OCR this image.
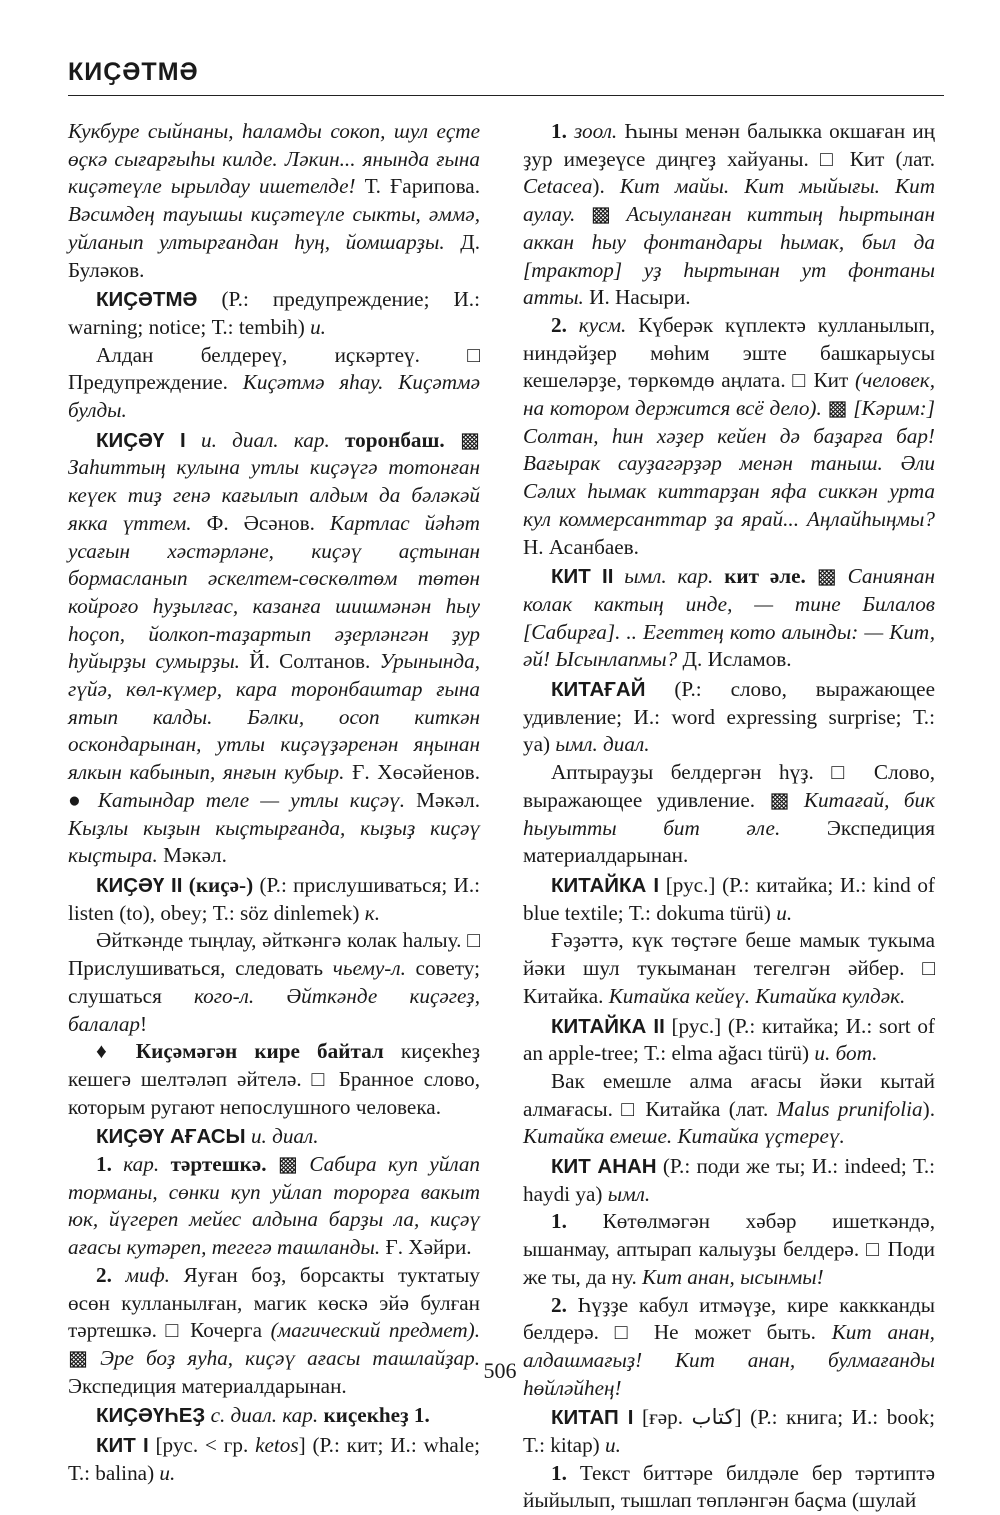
КИҪӘТМӘ

Кукбуре сыйнаны, һаламды сокоп, шул еҫте өҫкә сығарғыһы килде. Ләкин... янында ғына киҫәтеүле ырылдау ишетелде! Т. Ғарипова. Вәсимдең тауышы киҫәтеүле сыкты, әммә, уйланып ултырғандан һуң, йомшарҙы. Д. Буләков.

КИҪӘТМӘ (Р.: предупреждение; И.: warning; notice; Т.: tembih) и.

Алдан белдереү, иҫкәртеү. □ Предупреждение. Киҫәтмә яһау. Киҫәтмә булды.

КИҪӘҮ I и. диал. кар. торонбаш. ▩ Заһиттың кулына утлы киҫәүгә тотонған кеүек тиҙ генә кағылып алдым да бәләкәй якка үттем. Ф. Әсәнов. Картлас йәһәт усағын хәстәрләне, киҫәү аҫтынан бормасланып әскелтем-сөскөлтөм төтөн койроғо һуҙылғас, казанға шишмәнән һыу һоҫоп, йолкоп-таҙартып әҙерләнгән ҙур һуйырҙы сумырҙы. Й. Солтанов. Урынында, гүйә, көл-күмер, кара торонбаштар ғына ятып калды. Бәлки, осоп киткән оскондарынан, утлы киҫәүҙәренән яңынан ялкын кабынып, янғын кубыр. Ғ. Хөсәйенов. ● Катындар теле — утлы киҫәү. Мәкәл. Кыҙлы кыҙын кыҫтырғанда, кыҙыҙ киҫәү кыҫтыра. Мәкәл.

КИҪӘҮ II (киҫә-) (Р.: прислушиваться; И.: listen (to), obey; Т.: söz dinlemek) к.

Әйткәнде тыңлау, әйткәнгә колак һалыу. □ Прислушиваться, следовать чьему-л. совету; слушаться кого-л. Әйткәнде киҫәгеҙ, балалар!

♦ Киҫәмәгән кире байтал киҫекһеҙ кешегә шелтәләп әйтелә. □ Бранное слово, которым ругают непослушного человека.

КИҪӘҮ АҒАСЫ и. диал.

1. кар. тәртешкә. ▩ Сабира куп уйлап торманы, сөнки куп уйлап торорға вакыт юк, йүгереп мейес алдына барҙы ла, киҫәү ағасы кутәреп, тегегә ташланды. Ғ. Хәйри.

2. миф. Яуған боҙ, борсакты туктатыу өсөн кулланылған, магик көскә эйә булған тәртешкә. □ Кочерга (магический предмет). ▩ Эре боҙ яуһа, киҫәү ағасы ташлайҙар. Экспедиция материалдарынан.

КИҪӘҮҺЕҘ с. диал. кар. киҫекһеҙ 1.

КИТ I [рус. < гр. ketos] (Р.: кит; И.: whale; Т.: balina) и.

1. зоол. Һыны менән балыкка окшаған иң ҙур имеҙеүсе диңгеҙ хайуаны. □ Кит (лат. Cetacea). Кит майы. Кит мыйығы. Кит аулау. ▩ Асыуланған киттың һыртынан аккан һыу фонтандары һымак, был да [трактор] уҙ һыртынан ут фонтаны атты. И. Насыри.

2. кусм. Күберәк күплектә кулланылып, ниндәйҙер мөһим эште башкарыусы кешеләрҙе, төркөмдө аңлата. □ Кит (человек, на котором держится всё дело). ▩ [Кәрим:] Солтан, һин хәҙер кейен дә баҙарға бар! Вағырак сауҙагәрҙәр менән таныш. Әли Сәлих һымак киттарҙан яфа сиккән урта кул коммерсанттар ҙа ярай... Аңлайһыңмы? Н. Асанбаев.

КИТ II ымл. кар. кит әле. ▩ Саниянан колак кактың инде, — тине Билалов [Сабирға]. .. Егеттең кото алынды: — Кит, әй! Ысынлапмы? Д. Исламов.

КИТАҒАЙ (Р.: слово, выражающее удивление; И.: word expressing surprise; Т.: ya) ымл. диал.

Аптырауҙы белдергән һүҙ. □ Слово, выражающее удивление. ▩ Китағай, бик һыуытты бит әле. Экспедиция материалдарынан.

КИТАЙКА I [рус.] (Р.: китайка; И.: kind of blue textile; Т.: dokuma türü) и.

Ғәҙәттә, күк төҫтәге беше мамык тукыма йәки шул тукыманан тегелгән әйбер. □ Китайка. Китайка кейеү. Китайка кулдәк.

КИТАЙКА II [рус.] (Р.: китайка; И.: sort of an apple-tree; Т.: elma ağacı türü) и. бот.

Вак емешле алма ағасы йәки кытай алмағасы. □ Китайка (лат. Malus prunifolia). Китайка емеше. Китайка үҫтереү.

КИТ АНАН (Р.: поди же ты; И.: indeed; Т.: haydi ya) ымл.

1. Көтөлмәгән хәбәр ишеткәндә, ышанмау, аптырап калыуҙы белдерә. □ Поди же ты, да ну. Кит анан, ысынмы!

2. Һүҙҙе кабул итмәүҙе, кире каккканды белдерә. □ Не может быть. Кит анан, алдашмағыҙ! Кит анан, булмағанды һөйләйһең!

КИТАП I [ғәр. كتاب] (Р.: книга; И.: book; Т.: kitap) и.

1. Текст биттәре билдәле бер тәртиптә йыйылып, тышлап төпләнгән баҫма (шулай

506
